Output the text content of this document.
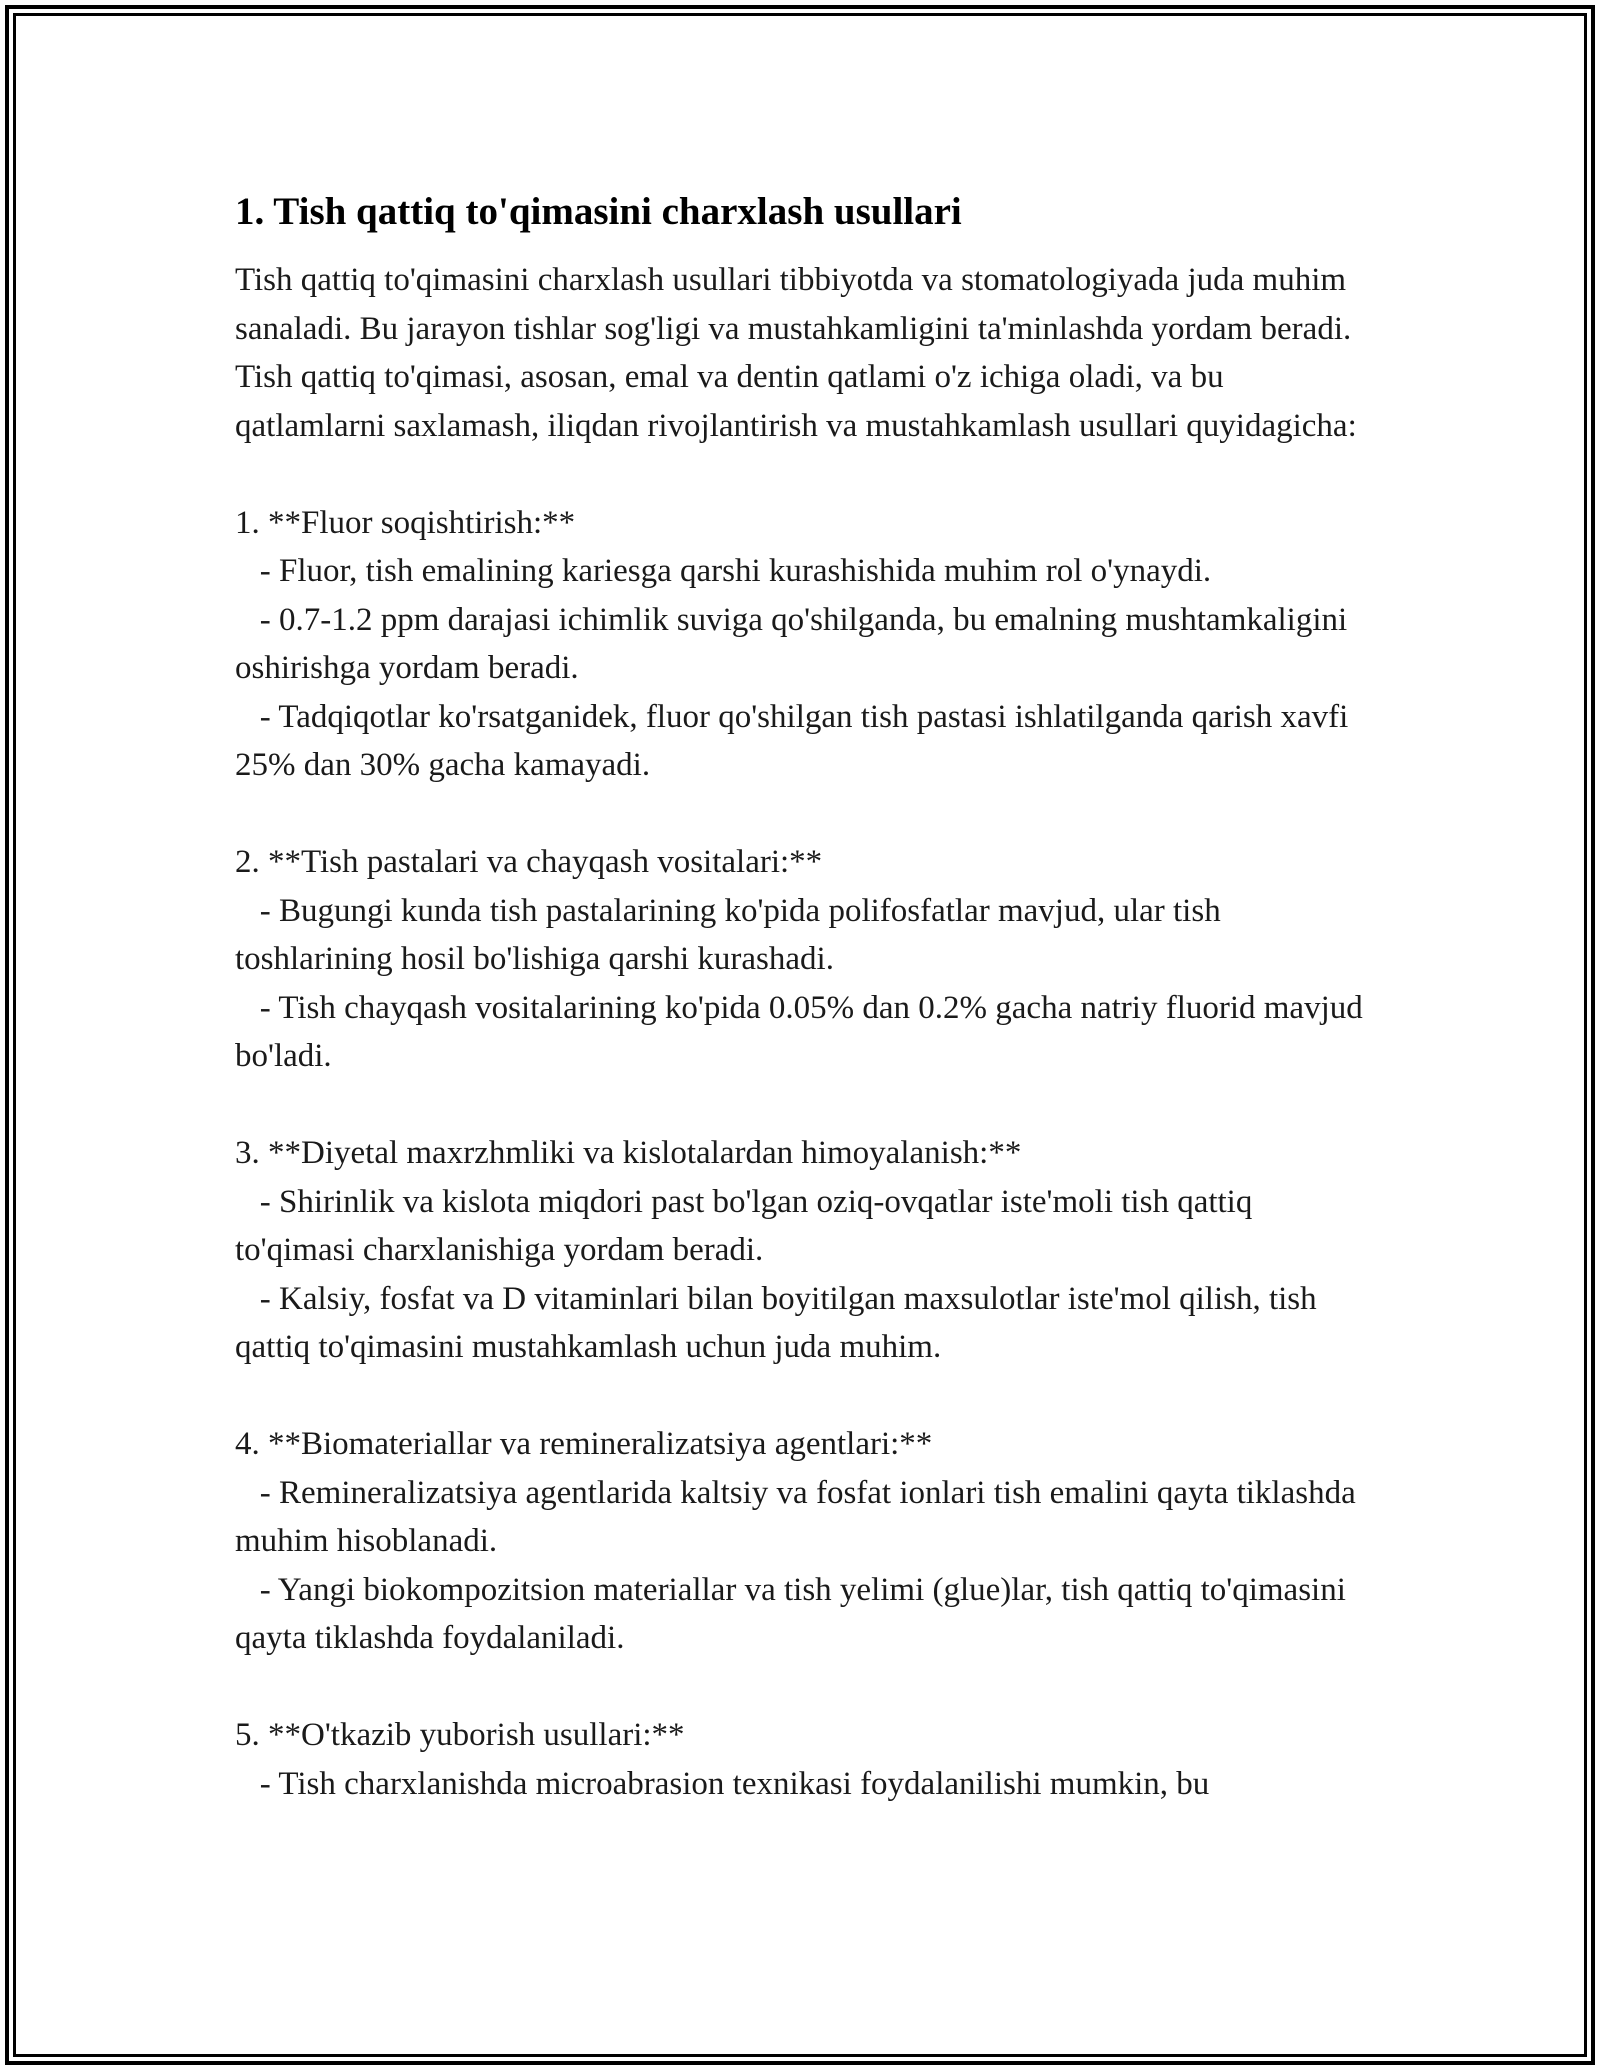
1. Tish qattiq to'qimasini charxlash usullari
Tish qattiq to'qimasini charxlash usullari tibbiyotda va stomatologiyada juda muhim sanaladi. Bu jarayon tishlar sog'ligi va mustahkamligini ta'minlashda yordam beradi. Tish qattiq to'qimasi, asosan, emal va dentin qatlami o'z ichiga oladi, va bu qatlamlarni saxlamash, iliqdan rivojlantirish va mustahkamlash usullari quyidagicha:

1. **Fluor soqishtirish:**
- Fluor, tish emalining kariesga qarshi kurashishida muhim rol o'ynaydi.
- 0.7-1.2 ppm darajasi ichimlik suviga qo'shilganda, bu emalning mushtamkaligini oshirishga yordam beradi.
- Tadqiqotlar ko'rsatganidek, fluor qo'shilgan tish pastasi ishlatilganda qarish xavfi 25% dan 30% gacha kamayadi.

2. **Tish pastalari va chayqash vositalari:**
- Bugungi kunda tish pastalarining ko'pida polifosfatlar mavjud, ular tish toshlarining hosil bo'lishiga qarshi kurashadi.
- Tish chayqash vositalarining ko'pida 0.05% dan 0.2% gacha natriy fluorid mavjud bo'ladi.

3. **Diyetal maxrzhmliki va kislotalardan himoyalanish:**
- Shirinlik va kislota miqdori past bo'lgan oziq-ovqatlar iste'moli tish qattiq to'qimasi charxlanishiga yordam beradi.
- Kalsiy, fosfat va D vitaminlari bilan boyitilgan maxsulotlar iste'mol qilish, tish qattiq to'qimasini mustahkamlash uchun juda muhim.

4. **Biomateriallar va remineralizatsiya agentlari:**
- Remineralizatsiya agentlarida kaltsiy va fosfat ionlari tish emalini qayta tiklashda muhim hisoblanadi.
- Yangi biokompozitsion materiallar va tish yelimi (glue)lar, tish qattiq to'qimasini qayta tiklashda foydalaniladi.

5. **O'tkazib yuborish usullari:**
- Tish charxlanishda microabrasion texnikasi foydalanilishi mumkin, bu
